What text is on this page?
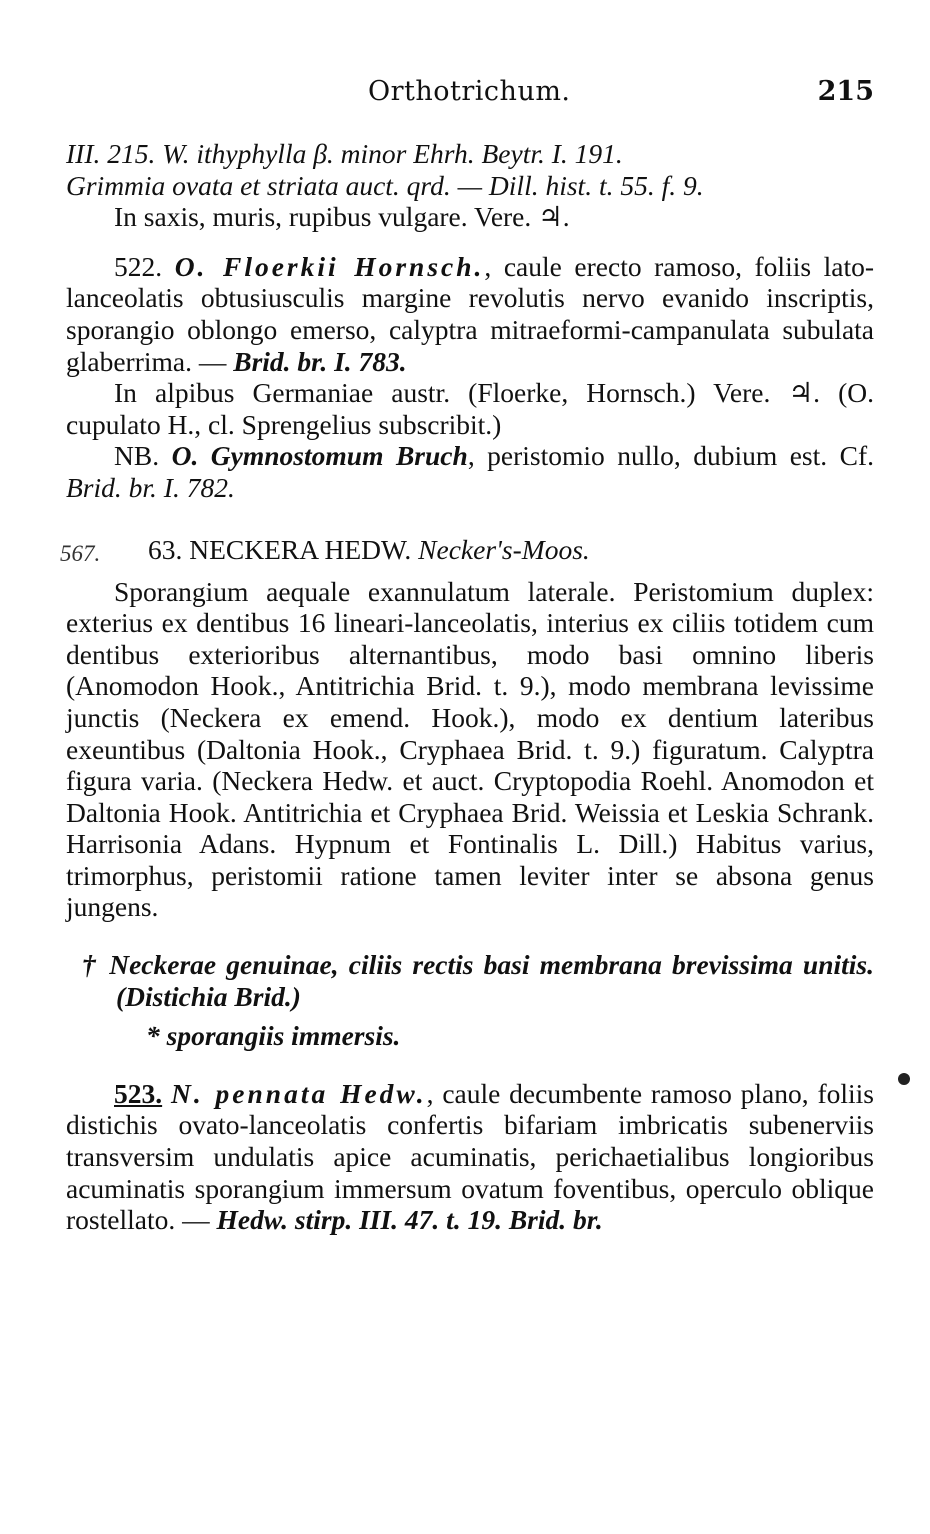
Orthotrichum.	215

III. 215. W. ithyphylla β. minor Ehrh. Beytr. I. 191.

Grimmia ovata et striata auct. qrd. — Dill. hist. t. 55. f. 9.

In saxis, muris, rupibus vulgare. Vere. ♃.

522. O. Floerkii Hornsch., caule erecto ramoso, foliis lato-lanceolatis obtusiusculis margine revolutis nervo evanido inscriptis, sporangio oblongo emerso, calyptra mitraeformi-campanulata subulata glaberrima. — Brid. br. I. 783.

In alpibus Germaniae austr. (Floerke, Hornsch.) Vere. ♃. (O. cupulato H., cl. Sprengelius subscribit.)

NB. O. Gymnostomum Bruch, peristomio nullo, dubium est. Cf. Brid. br. I. 782.

567. 63. NECKERA HEDW. Necker's-Moos.

Sporangium aequale exannulatum laterale. Peristomium duplex: exterius ex dentibus 16 lineari-lanceolatis, interius ex ciliis totidem cum dentibus exterioribus alternantibus, modo basi omnino liberis (Anomodon Hook., Antitrichia Brid. t. 9.), modo membrana levissime junctis (Neckera ex emend. Hook.), modo ex dentium lateribus exeuntibus (Daltonia Hook., Cryphaea Brid. t. 9.) figuratum. Calyptra figura varia. (Neckera Hedw. et auct. Cryptopodia Roehl. Anomodon et Daltonia Hook. Antitrichia et Cryphaea Brid. Weissia et Leskia Schrank. Harrisonia Adans. Hypnum et Fontinalis L. Dill.) Habitus varius, trimorphus, peristomii ratione tamen leviter inter se absona genus jungens.

† Neckerae genuinae, ciliis rectis basi membrana brevissima unitis. (Distichia Brid.)

* sporangiis immersis.

523. N. pennata Hedw., caule decumbente ramoso plano, foliis distichis ovato-lanceolatis confertis bifariam imbricatis subenerviis transversim undulatis apice acuminatis, perichaetialibus longioribus acuminatis sporangium immersum ovatum foventibus, operculo oblique rostellato. — Hedw. stirp. III. 47. t. 19. Brid. br.
